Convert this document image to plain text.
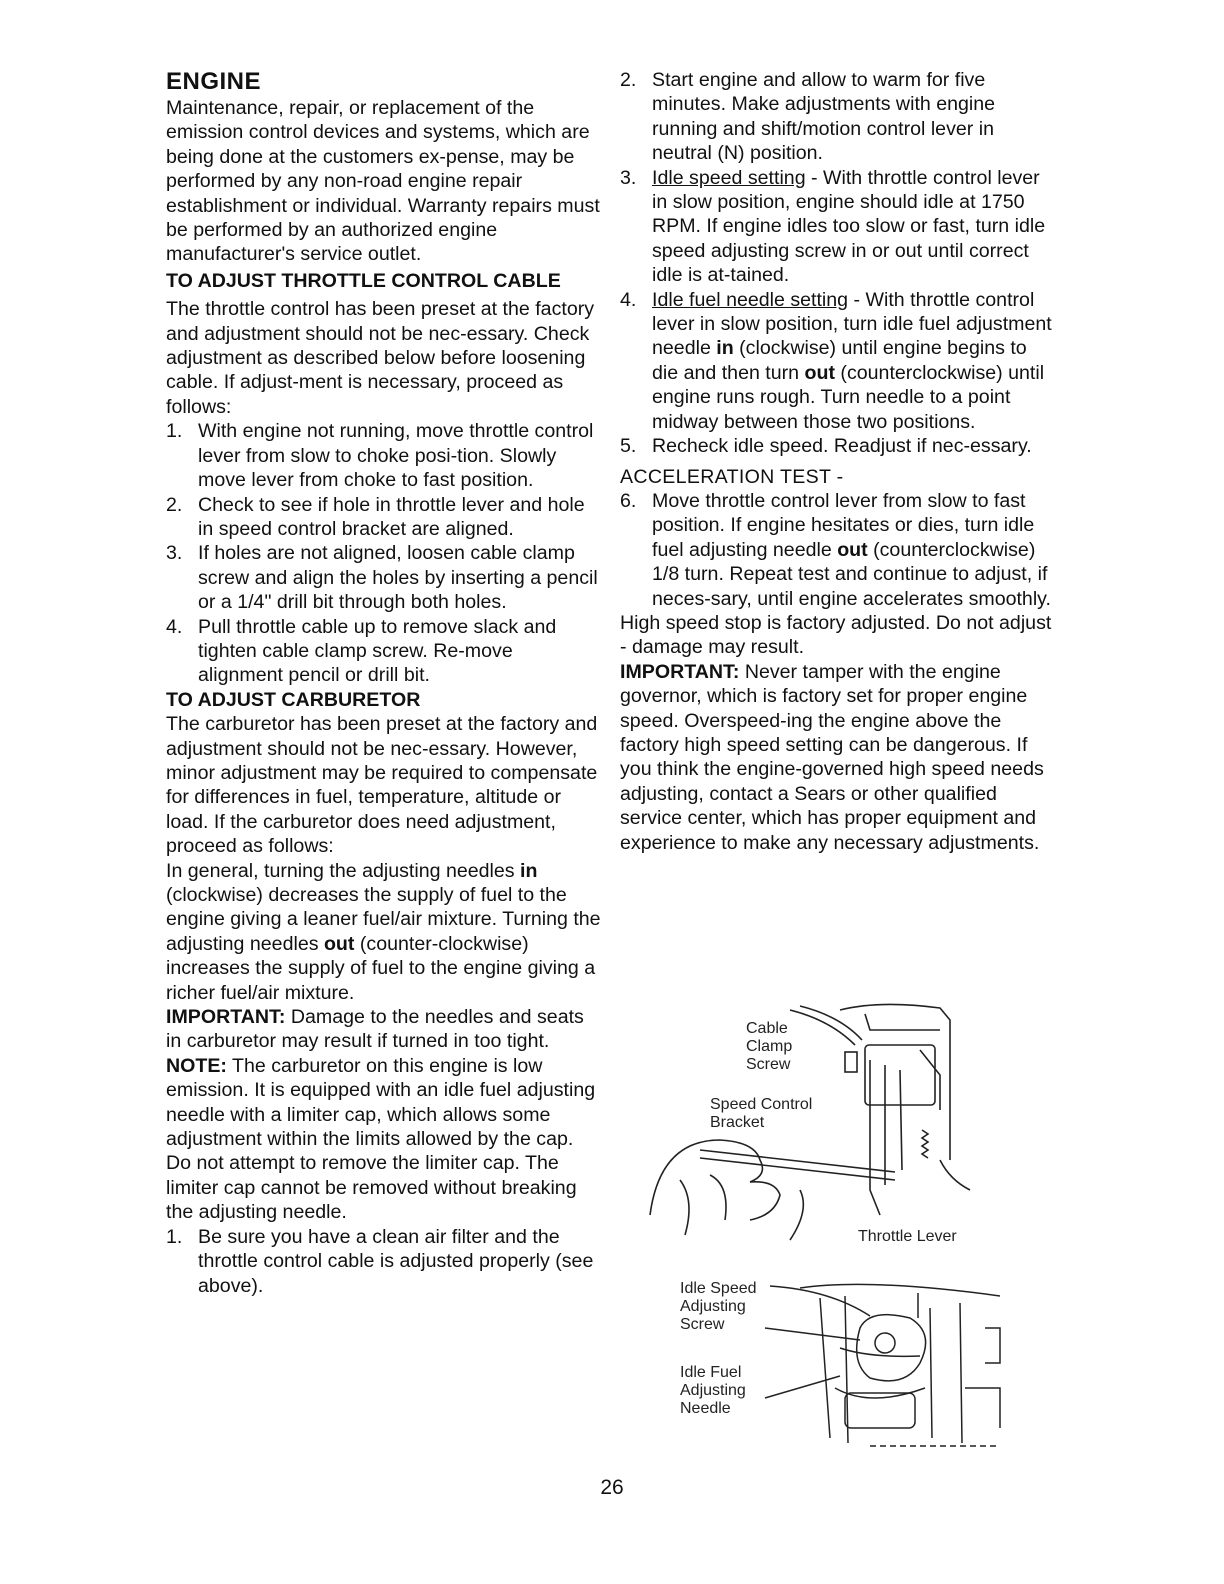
ENGINE

Maintenance, repair, or replacement of the emission control devices and systems, which are being done at the customers ex-pense, may be performed by any non-road engine repair establishment or individual. Warranty repairs must be performed by an authorized engine manufacturer's service outlet.

TO ADJUST THROTTLE CONTROL CABLE

The throttle control has been preset at the factory and adjustment should not be nec-essary. Check adjustment as described below before loosening cable. If adjust-ment is necessary, proceed as follows:

1. With engine not running, move throttle control lever from slow to choke posi-tion. Slowly move lever from choke to fast position.
2. Check to see if hole in throttle lever and hole in speed control bracket are aligned.
3. If holes are not aligned, loosen cable clamp screw and align the holes by inserting a pencil or a 1/4" drill bit through both holes.
4. Pull throttle cable up to remove slack and tighten cable clamp screw. Re-move alignment pencil or drill bit.
TO ADJUST CARBURETOR

The carburetor has been preset at the factory and adjustment should not be nec-essary. However, minor adjustment may be required to compensate for differences in fuel, temperature, altitude or load. If the carburetor does need adjustment, proceed as follows:

In general, turning the adjusting needles in (clockwise) decreases the supply of fuel to the engine giving a leaner fuel/air mixture. Turning the adjusting needles out (counter-clockwise) increases the supply of fuel to the engine giving a richer fuel/air mixture.

IMPORTANT: Damage to the needles and seats in carburetor may result if turned in too tight.

NOTE: The carburetor on this engine is low emission. It is equipped with an idle fuel adjusting needle with a limiter cap, which allows some adjustment within the limits allowed by the cap. Do not attempt to remove the limiter cap. The limiter cap cannot be removed without breaking the adjusting needle.

1. Be sure you have a clean air filter and the throttle control cable is adjusted properly (see above).
2. Start engine and allow to warm for five minutes. Make adjustments with engine running and shift/motion control lever in neutral (N) position.
3. Idle speed setting - With throttle control lever in slow position, engine should idle at 1750 RPM. If engine idles too slow or fast, turn idle speed adjusting screw in or out until correct idle is at-tained.
4. Idle fuel needle setting - With throttle control lever in slow position, turn idle fuel adjustment needle in (clockwise) until engine begins to die and then turn out (counterclockwise) until engine runs rough. Turn needle to a point midway between those two positions.
5. Recheck idle speed. Readjust if nec-essary.
ACCELERATION TEST -
6. Move throttle control lever from slow to fast position. If engine hesitates or dies, turn idle fuel adjusting needle out (counterclockwise) 1/8 turn. Repeat test and continue to adjust, if neces-sary, until engine accelerates smoothly.

High speed stop is factory adjusted. Do not adjust - damage may result.

IMPORTANT: Never tamper with the engine governor, which is factory set for proper engine speed. Overspeed-ing the engine above the factory high speed setting can be dangerous. If you think the engine-governed high speed needs adjusting, contact a Sears or other qualified service center, which has proper equipment and experience to make any necessary adjustments.

Cable
Clamp
Screw
Speed Control
Bracket
Throttle Lever
Idle Speed
Adjusting
Screw
Idle Fuel
Adjusting
Needle
26
